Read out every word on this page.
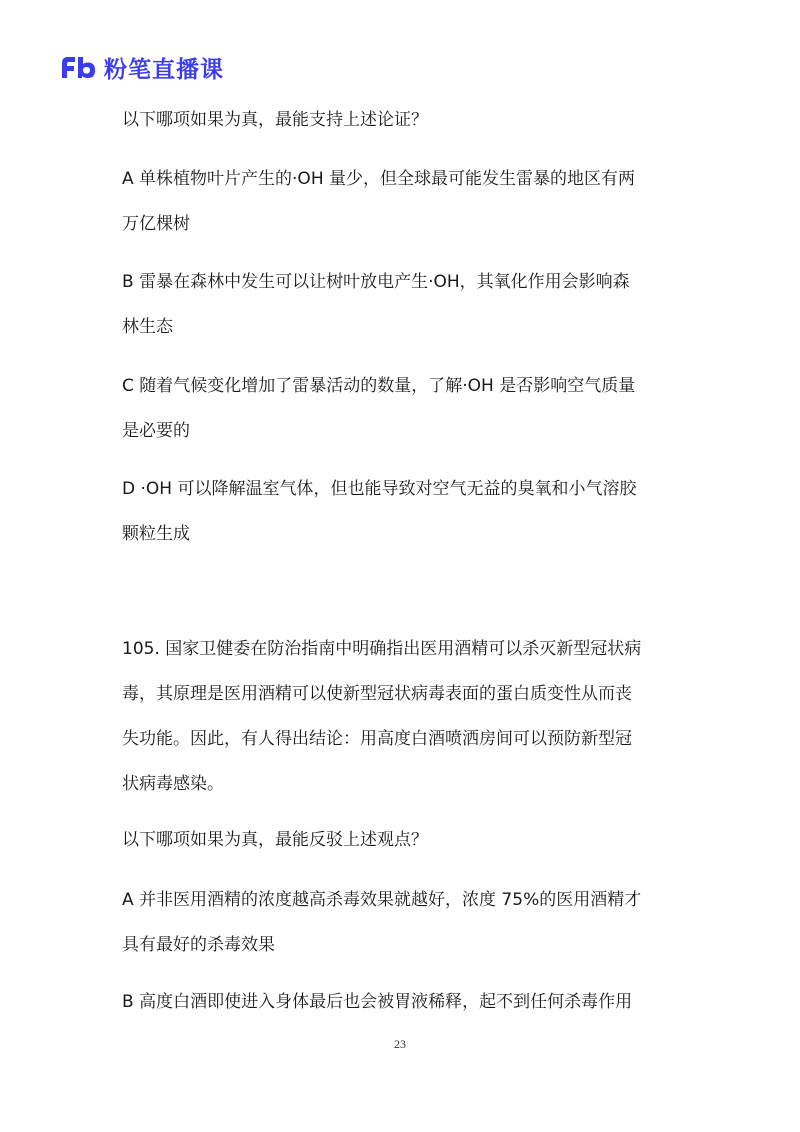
粉笔直播课

以下哪项如果为真，最能支持上述论证？

A 单株植物叶片产生的·OH 量少，但全球最可能发生雷暴的地区有两

万亿棵树

B 雷暴在森林中发生可以让树叶放电产生·OH，其氧化作用会影响森

林生态

C 随着气候变化增加了雷暴活动的数量，了解·OH 是否影响空气质量

是必要的

D ·OH 可以降解温室气体，但也能导致对空气无益的臭氧和小气溶胶

颗粒生成

105. 国家卫健委在防治指南中明确指出医用酒精可以杀灭新型冠状病

毒，其原理是医用酒精可以使新型冠状病毒表面的蛋白质变性从而丧

失功能。因此，有人得出结论：用高度白酒喷洒房间可以预防新型冠

状病毒感染。

以下哪项如果为真，最能反驳上述观点？

A 并非医用酒精的浓度越高杀毒效果就越好，浓度 75%的医用酒精才

具有最好的杀毒效果

B 高度白酒即使进入身体最后也会被胃液稀释，起不到任何杀毒作用

23
